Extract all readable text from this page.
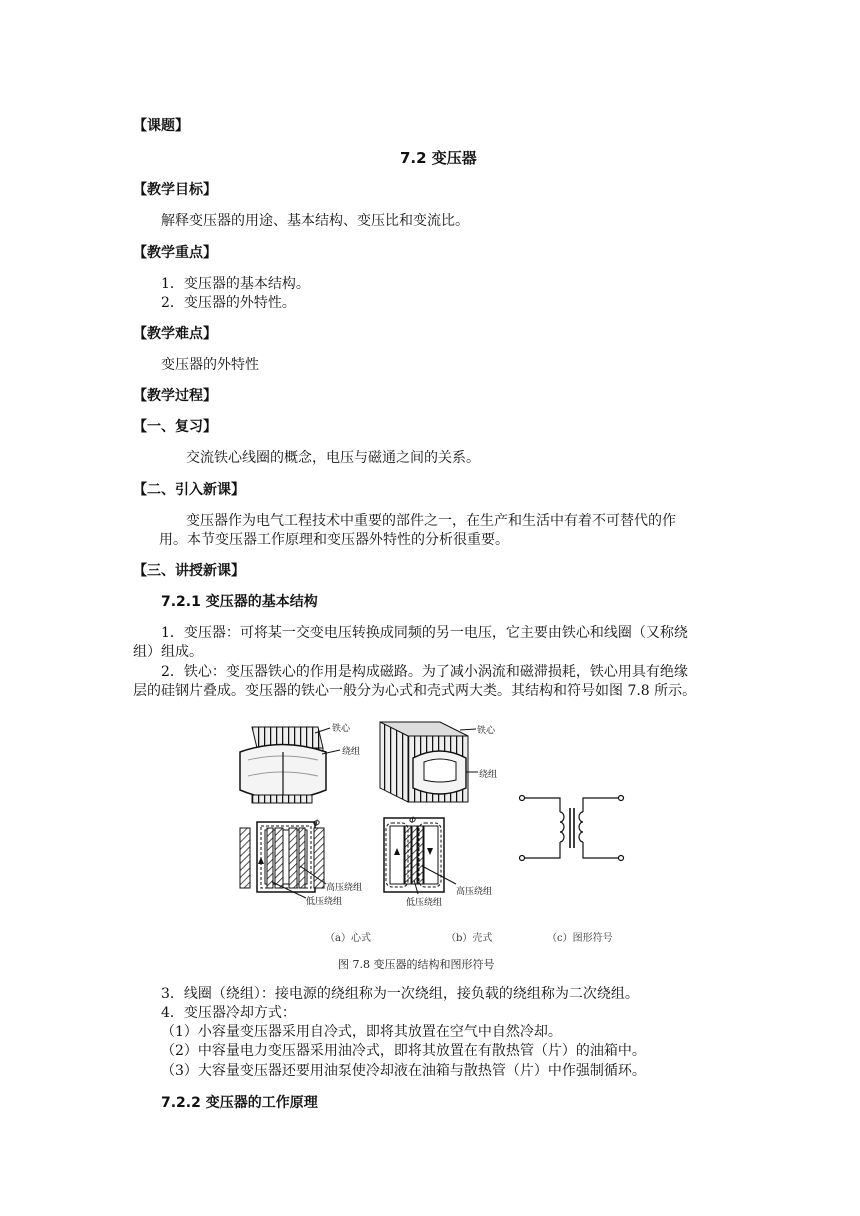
【课题】
7.2 变压器
【教学目标】
解释变压器的用途、基本结构、变压比和变流比。
【教学重点】
1．变压器的基本结构。
2．变压器的外特性。
【教学难点】
变压器的外特性
【教学过程】
【一、复习】
交流铁心线圈的概念，电压与磁通之间的关系。
【二、引入新课】
变压器作为电气工程技术中重要的部件之一，在生产和生活中有着不可替代的作
用。本节变压器工作原理和变压器外特性的分析很重要。
【三、讲授新课】
7.2.1 变压器的基本结构
1．变压器：可将某一交变电压转换成同频的另一电压，它主要由铁心和线圈（又称绕
组）组成。
2．铁心：变压器铁心的作用是构成磁路。为了减小涡流和磁滞损耗，铁心用具有绝缘
层的硅钢片叠成。变压器的铁心一般分为心式和壳式两大类。其结构和符号如图 7.8 所示。
铁心
绕组
铁心
绕组
Φ	Φ
高压绕组
低压绕组
高压绕组
低压绕组
（a）心式	（b）壳式	（c）图形符号
图 7.8 变压器的结构和图形符号
3．线圈（绕组）：接电源的绕组称为一次绕组，接负载的绕组称为二次绕组。
4．变压器冷却方式：
（1）小容量变压器采用自冷式，即将其放置在空气中自然冷却。
（2）中容量电力变压器采用油冷式，即将其放置在有散热管（片）的油箱中。
（3）大容量变压器还要用油泵使冷却液在油箱与散热管（片）中作强制循环。
7.2.2 变压器的工作原理
